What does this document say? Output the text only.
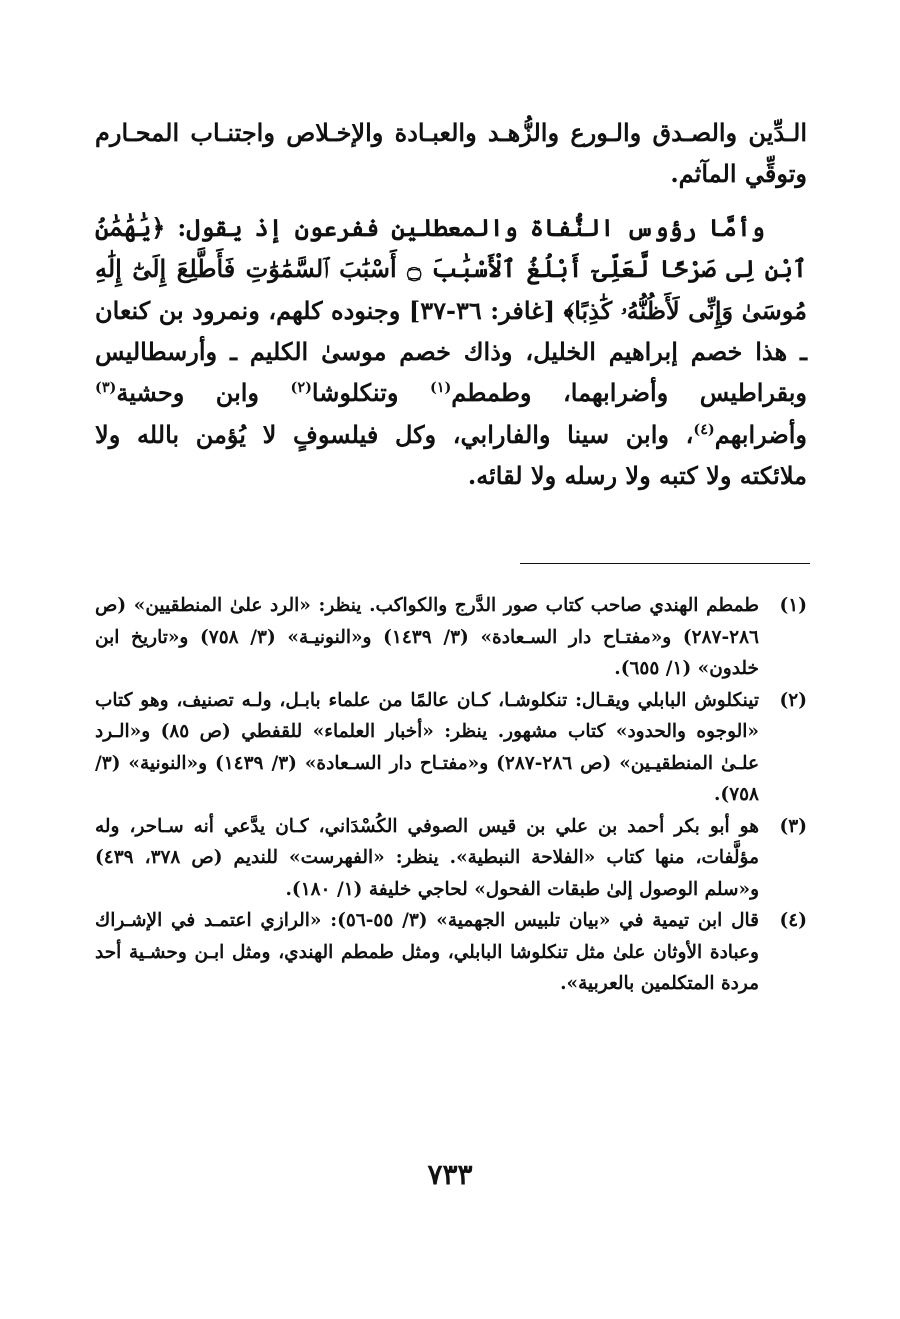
الـدِّين والصـدق والـورع والزُّهـد والعبـادة والإخـلاص واجتنـاب المحـارم وتوقِّي المآثم.

وأمَّا رؤوس النُّفاة والمعطلين ففرعون إذ يقول: ﴿يَٰهَٰمَٰنُ ٱبْنِ لِى صَرْحًا لَّعَلِّىٓ أَبْلُغُ ٱلْأَسْبَٰبَ ۝ أَسْبَٰبَ ٱلسَّمَٰوَٰتِ فَأَطَّلِعَ إِلَىٰٓ إِلَٰهِ مُوسَىٰ وَإِنِّى لَأَظُنُّهُۥ كَٰذِبًا﴾ [غافر: ٣٦-٣٧] وجنوده كلهم، ونمرود بن كنعان ـ هذا خصم إبراهيم الخليل، وذاك خصم موسىٰ الكليم ـ وأرسطاليس وبقراطيس وأضرابهما، وطمطم$^{(١)}$ وتنكلوشا$^{(٢)}$ وابن وحشية$^{(٣)}$ وأضرابهم$^{(٤)}$، وابن سينا والفارابي، وكل فيلسوفٍ لا يُؤمن بالله ولا ملائكته ولا كتبه ولا رسله ولا لقائه.

(١)
طمطم الهندي صاحب كتاب صور الدَّرج والكواكب. ينظر: «الرد علىٰ المنطقيين» (ص ٢٨٦-٢٨٧) و«مفتـاح دار السـعادة» (٣/ ١٤٣٩) و«النونيـة» (٣/ ٧٥٨) و«تاريخ ابن خلدون» (١/ ٦٥٥).
(٢)
تينكلوش البابلي ويقـال: تنكلوشـا، كـان عالمًا من علماء بابـل، ولـه تصنيف، وهو كتاب «الوجوه والحدود» كتاب مشهور. ينظر: «أخبار العلماء» للقفطي (ص ٨٥) و«الـرد علـىٰ المنطقيـين» (ص ٢٨٦-٢٨٧) و«مفتـاح دار السـعادة» (٣/ ١٤٣٩) و«النونية» (٣/ ٧٥٨).
(٣)
هو أبو بكر أحمد بن علي بن قيس الصوفي الكُسْدَاني، كـان يدَّعي أنه سـاحر، وله مؤلَّفات، منها كتاب «الفلاحة النبطية». ينظر: «الفهرست» للنديم (ص ٣٧٨، ٤٣٩) و«سلم الوصول إلىٰ طبقات الفحول» لحاجي خليفة (١/ ١٨٠).
(٤)
قال ابن تيمية في «بيان تلبيس الجهمية» (٣/ ٥٥-٥٦): «الرازي اعتمـد في الإشـراك وعبادة الأوثان علىٰ مثل تنكلوشا البابلي، ومثل طمطم الهندي، ومثل ابـن وحشـية أحد مردة المتكلمين بالعربية».
٧٣٣
